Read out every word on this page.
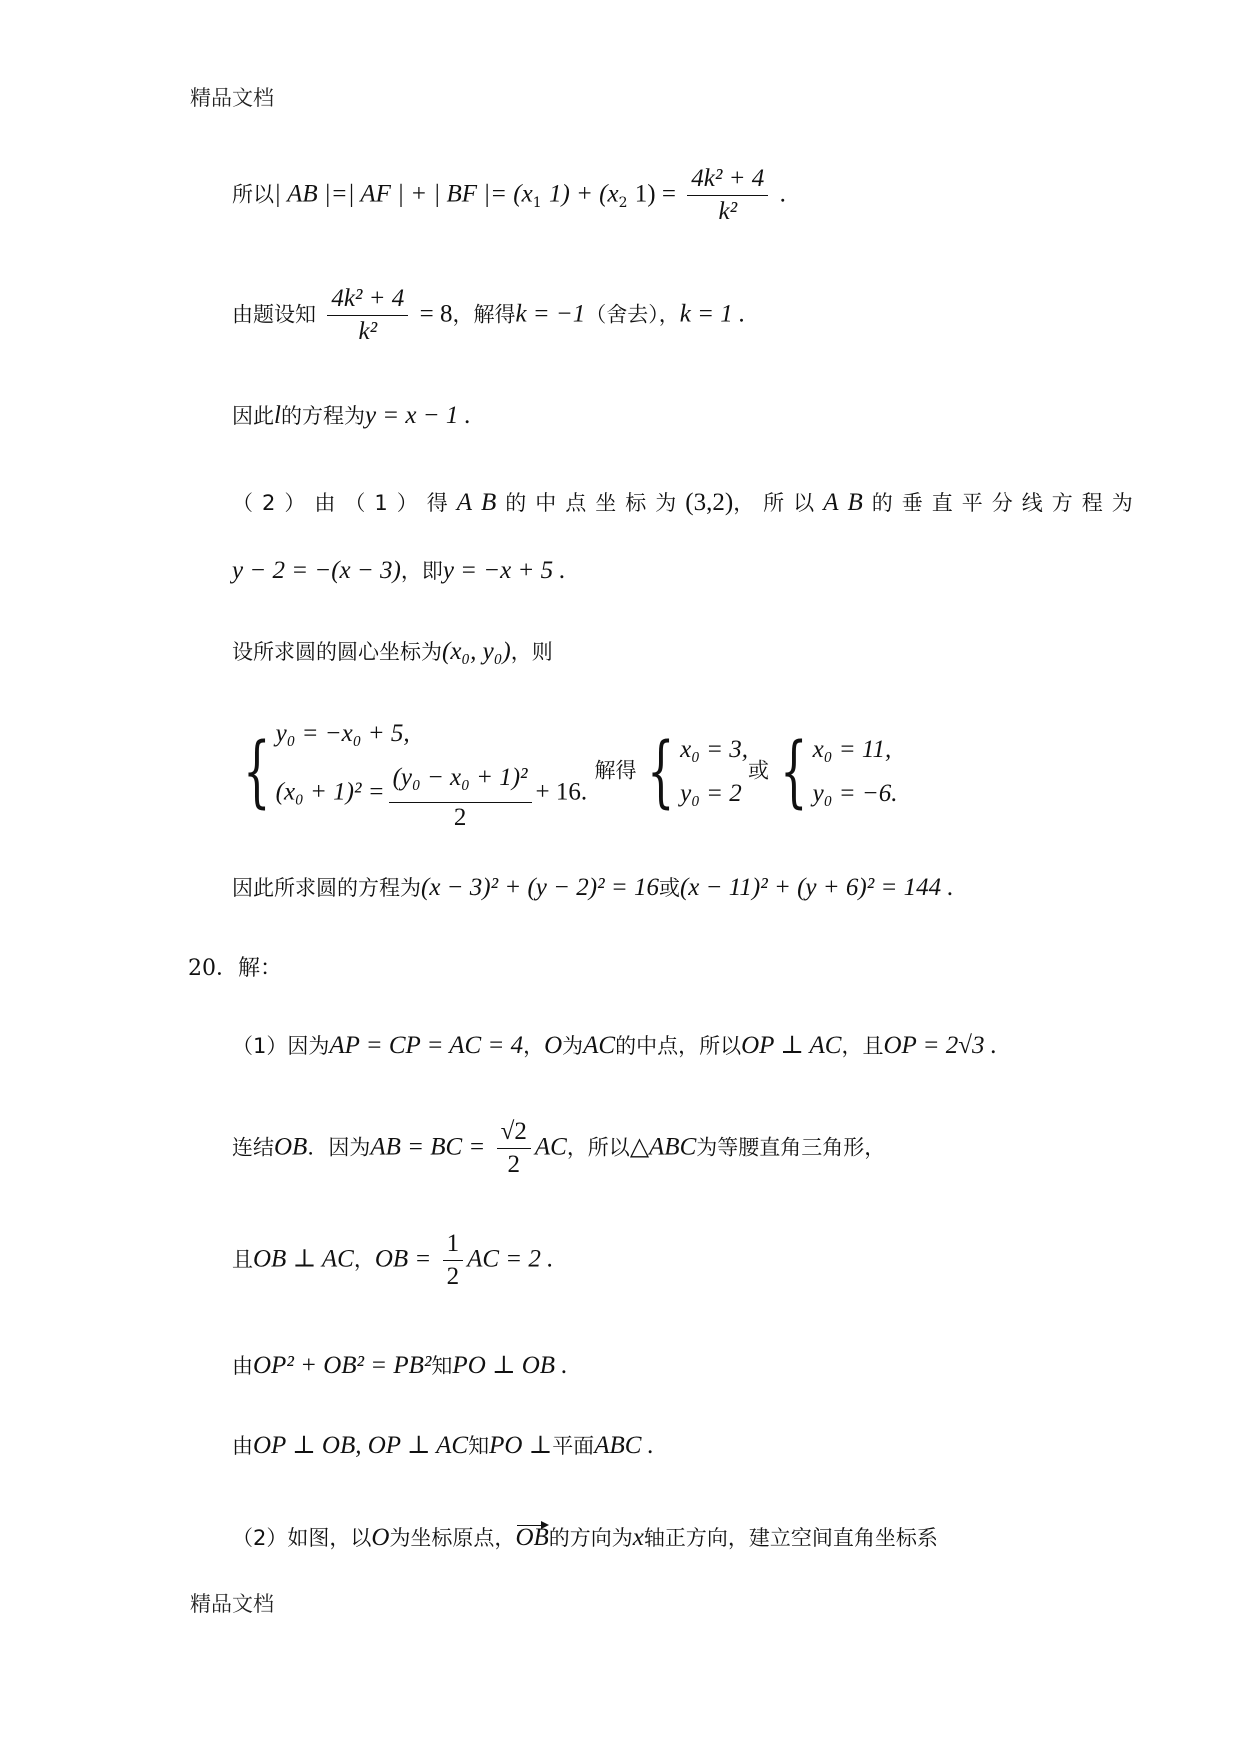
精品文档
所以| AB |=| AF | + | BF |= ($x_1$ $1) + (x_2$ $1) = \frac{\text{4k² + 4}}{\text{k²}}$ .
由题设知 $\frac{\text{4k² + 4}}{\text{k²}} = 8$，解得k = −1（舍去），k = 1 .
因此l的方程为y = x − 1 .
（2）由（1）得AB的中点坐标为(3,2)，所以AB的垂直平分线方程为
y − 2 = −(x − 3)，即y = −x + 5 .
设所求圆的圆心坐标为(x₀, y₀)，则
{ y₀ = −x₀ + 5,
$(x_0 + 1)^2 = \frac{\text{(y₀ − x₀ + 1)²}}{2} + 16$.
解得 { x₀ = 3,
y₀ = 2
或 { x₀ = 11,
y₀ = −6.
因此所求圆的方程为(x − 3)² + (y − 2)² = 16或(x − 11)² + (y + 6)² = 144 .
20．解：
（1）因为AP = CP = AC = 4，O为AC的中点，所以OP ⊥ AC，且OP = 2√3 .
连结OB．因为AB = BC = $\frac{√2}{2}$ AC，所以△ABC为等腰直角三角形，
且OB ⊥ AC，OB = $\frac{1}{2}$ AC = 2 .
由OP² + OB² = PB²知PO ⊥ OB .
由OP ⊥ OB, OP ⊥ AC知PO ⊥平面ABC .
（2）如图，以O为坐标原点，OB的方向为x轴正方向，建立空间直角坐标系
精品文档
